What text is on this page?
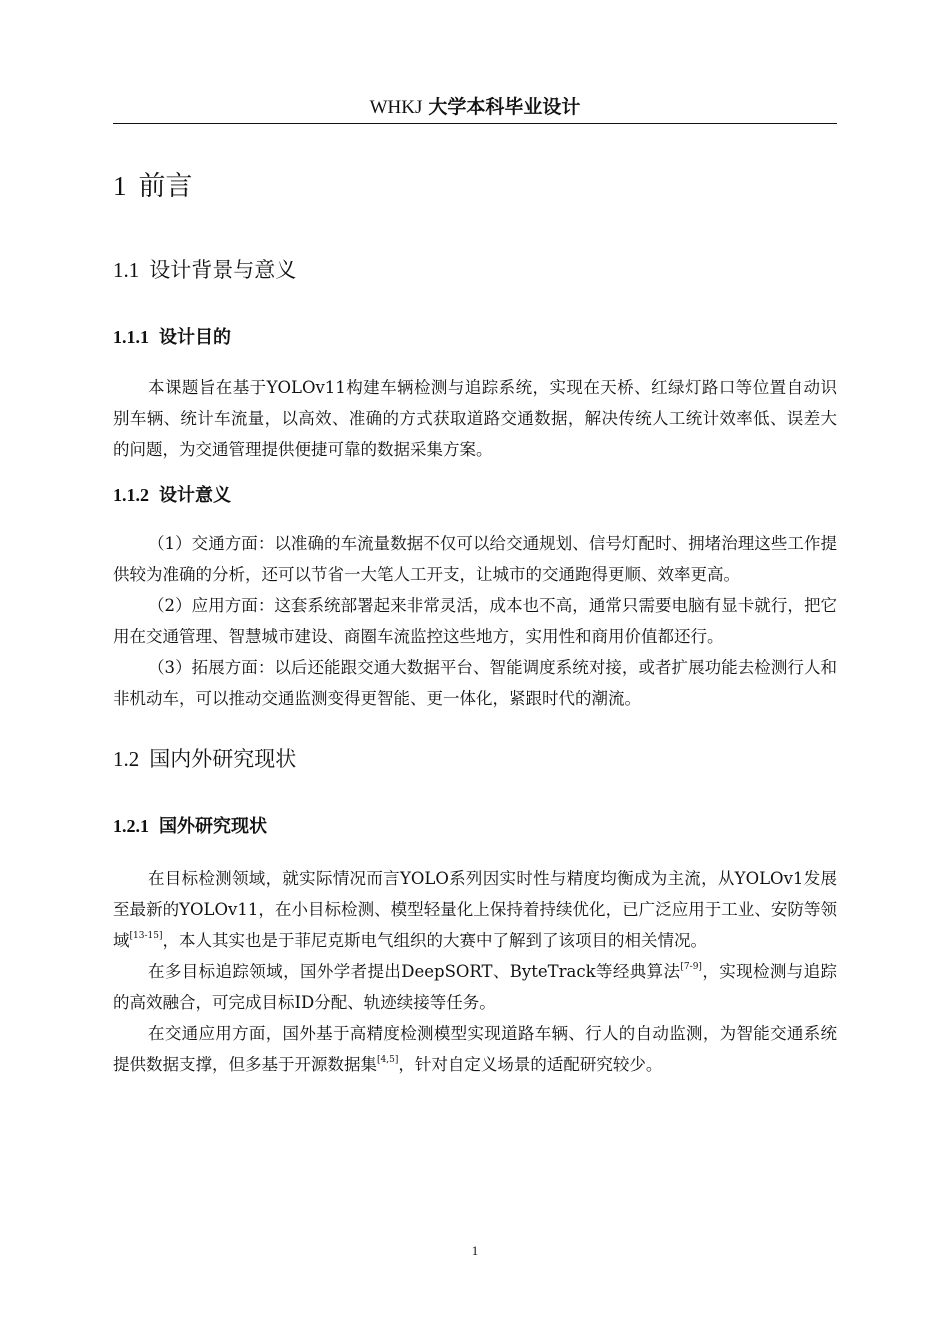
WHKJ 大学本科毕业设计
1 前言
1.1 设计背景与意义
1.1.1 设计目的

本课题旨在基于YOLOv11构建车辆检测与追踪系统，实现在天桥、红绿灯路口等位置自动识别车辆、统计车流量，以高效、准确的方式获取道路交通数据，解决传统人工统计效率低、误差大的问题，为交通管理提供便捷可靠的数据采集方案。

1.1.2 设计意义

（1）交通方面：以准确的车流量数据不仅可以给交通规划、信号灯配时、拥堵治理这些工作提供较为准确的分析，还可以节省一大笔人工开支，让城市的交通跑得更顺、效率更高。

（2）应用方面：这套系统部署起来非常灵活，成本也不高，通常只需要电脑有显卡就行，把它用在交通管理、智慧城市建设、商圈车流监控这些地方，实用性和商用价值都还行。

（3）拓展方面：以后还能跟交通大数据平台、智能调度系统对接，或者扩展功能去检测行人和非机动车，可以推动交通监测变得更智能、更一体化，紧跟时代的潮流。

1.2 国内外研究现状
1.2.1 国外研究现状

在目标检测领域，就实际情况而言YOLO系列因实时性与精度均衡成为主流，从YOLOv1发展至最新的YOLOv11，在小目标检测、模型轻量化上保持着持续优化，已广泛应用于工业、安防等领域[13-15]，本人其实也是于菲尼克斯电气组织的大赛中了解到了该项目的相关情况。

在多目标追踪领域，国外学者提出DeepSORT、ByteTrack等经典算法[7-9]，实现检测与追踪的高效融合，可完成目标ID分配、轨迹续接等任务。

在交通应用方面，国外基于高精度检测模型实现道路车辆、行人的自动监测，为智能交通系统提供数据支撑，但多基于开源数据集[4,5]，针对自定义场景的适配研究较少。

1
